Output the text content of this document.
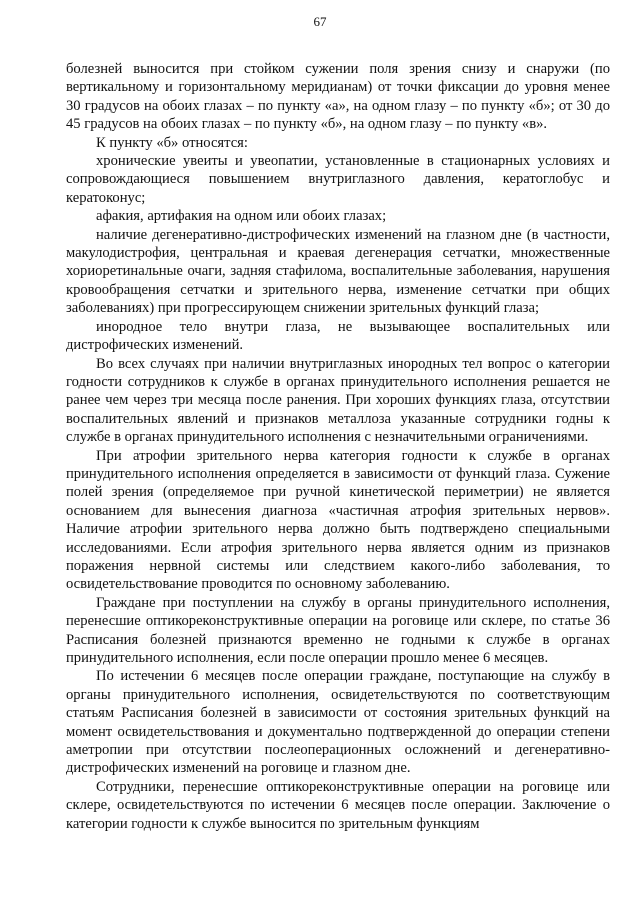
67

болезней выносится при стойком сужении поля зрения снизу и снаружи (по вертикальному и горизонтальному меридианам) от точки фиксации до уровня менее 30 градусов на обоих глазах – по пункту «а», на одном глазу – по пункту «б»; от 30 до 45 градусов на обоих глазах – по пункту «б», на одном глазу – по пункту «в».

К пункту «б» относятся:

хронические увеиты и увеопатии, установленные в стационарных условиях и сопровождающиеся повышением внутриглазного давления, кератоглобус и кератоконус;

афакия, артифакия на одном или обоих глазах;

наличие дегенеративно-дистрофических изменений на глазном дне (в частности, макулодистрофия, центральная и краевая дегенерация сетчатки, множественные хориоретинальные очаги, задняя стафилома, воспалительные заболевания, нарушения кровообращения сетчатки и зрительного нерва, изменение сетчатки при общих заболеваниях) при прогрессирующем снижении зрительных функций глаза;

инородное тело внутри глаза, не вызывающее воспалительных или дистрофических изменений.

Во всех случаях при наличии внутриглазных инородных тел вопрос о категории годности сотрудников к службе в органах принудительного исполнения решается не ранее чем через три месяца после ранения. При хороших функциях глаза, отсутствии воспалительных явлений и признаков металлоза указанные сотрудники годны к службе в органах принудительного исполнения с незначительными ограничениями.

При атрофии зрительного нерва категория годности к службе в органах принудительного исполнения определяется в зависимости от функций глаза. Сужение полей зрения (определяемое при ручной кинетической периметрии) не является основанием для вынесения диагноза «частичная атрофия зрительных нервов». Наличие атрофии зрительного нерва должно быть подтверждено специальными исследованиями. Если атрофия зрительного нерва является одним из признаков поражения нервной системы или следствием какого-либо заболевания, то освидетельствование проводится по основному заболеванию.

Граждане при поступлении на службу в органы принудительного исполнения, перенесшие оптикореконструктивные операции на роговице или склере, по статье 36 Расписания болезней признаются временно не годными к службе в органах принудительного исполнения, если после операции прошло менее 6 месяцев.

По истечении 6 месяцев после операции граждане, поступающие на службу в органы принудительного исполнения, освидетельствуются по соответствующим статьям Расписания болезней в зависимости от состояния зрительных функций на момент освидетельствования и документально подтвержденной до операции степени аметропии при отсутствии послеоперационных осложнений и дегенеративно-дистрофических изменений на роговице и глазном дне.

Сотрудники, перенесшие оптикореконструктивные операции на роговице или склере, освидетельствуются по истечении 6 месяцев после операции. Заключение о категории годности к службе выносится по зрительным функциям
